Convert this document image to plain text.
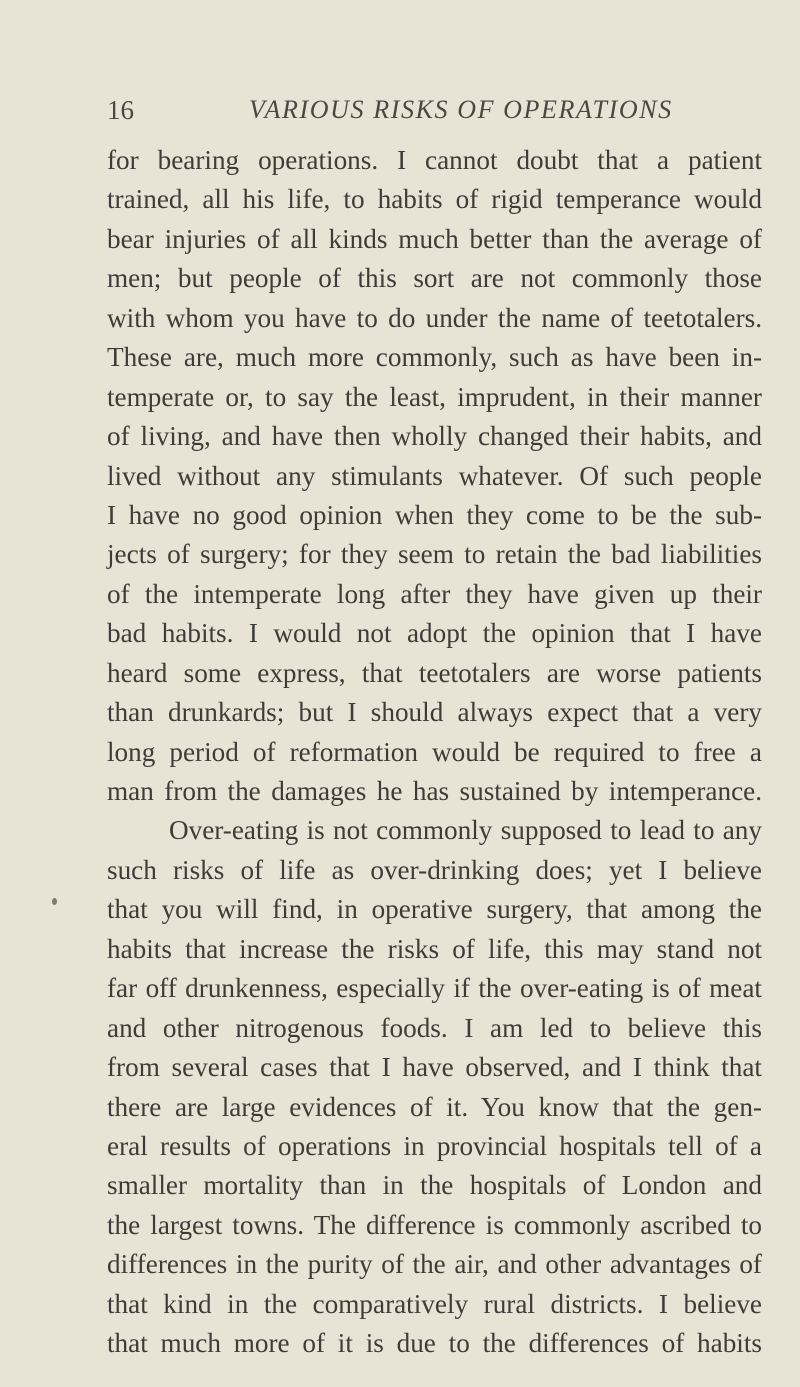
16	VARIOUS RISKS OF OPERATIONS
for bearing operations. I cannot doubt that a patient
trained, all his life, to habits of rigid temperance would
bear injuries of all kinds much better than the average of
men; but people of this sort are not commonly those
with whom you have to do under the name of teetotalers.
These are, much more commonly, such as have been in-
temperate or, to say the least, imprudent, in their manner
of living, and have then wholly changed their habits, and
lived without any stimulants whatever. Of such people
I have no good opinion when they come to be the sub-
jects of surgery; for they seem to retain the bad liabilities
of the intemperate long after they have given up their
bad habits. I would not adopt the opinion that I have
heard some express, that teetotalers are worse patients
than drunkards; but I should always expect that a very
long period of reformation would be required to free a
man from the damages he has sustained by intemperance.
Over-eating is not commonly supposed to lead to any
such risks of life as over-drinking does; yet I believe
that you will find, in operative surgery, that among the
habits that increase the risks of life, this may stand not
far off drunkenness, especially if the over-eating is of meat
and other nitrogenous foods. I am led to believe this
from several cases that I have observed, and I think that
there are large evidences of it. You know that the gen-
eral results of operations in provincial hospitals tell of a
smaller mortality than in the hospitals of London and
the largest towns. The difference is commonly ascribed to
differences in the purity of the air, and other advantages of
that kind in the comparatively rural districts. I believe
that much more of it is due to the differences of habits
